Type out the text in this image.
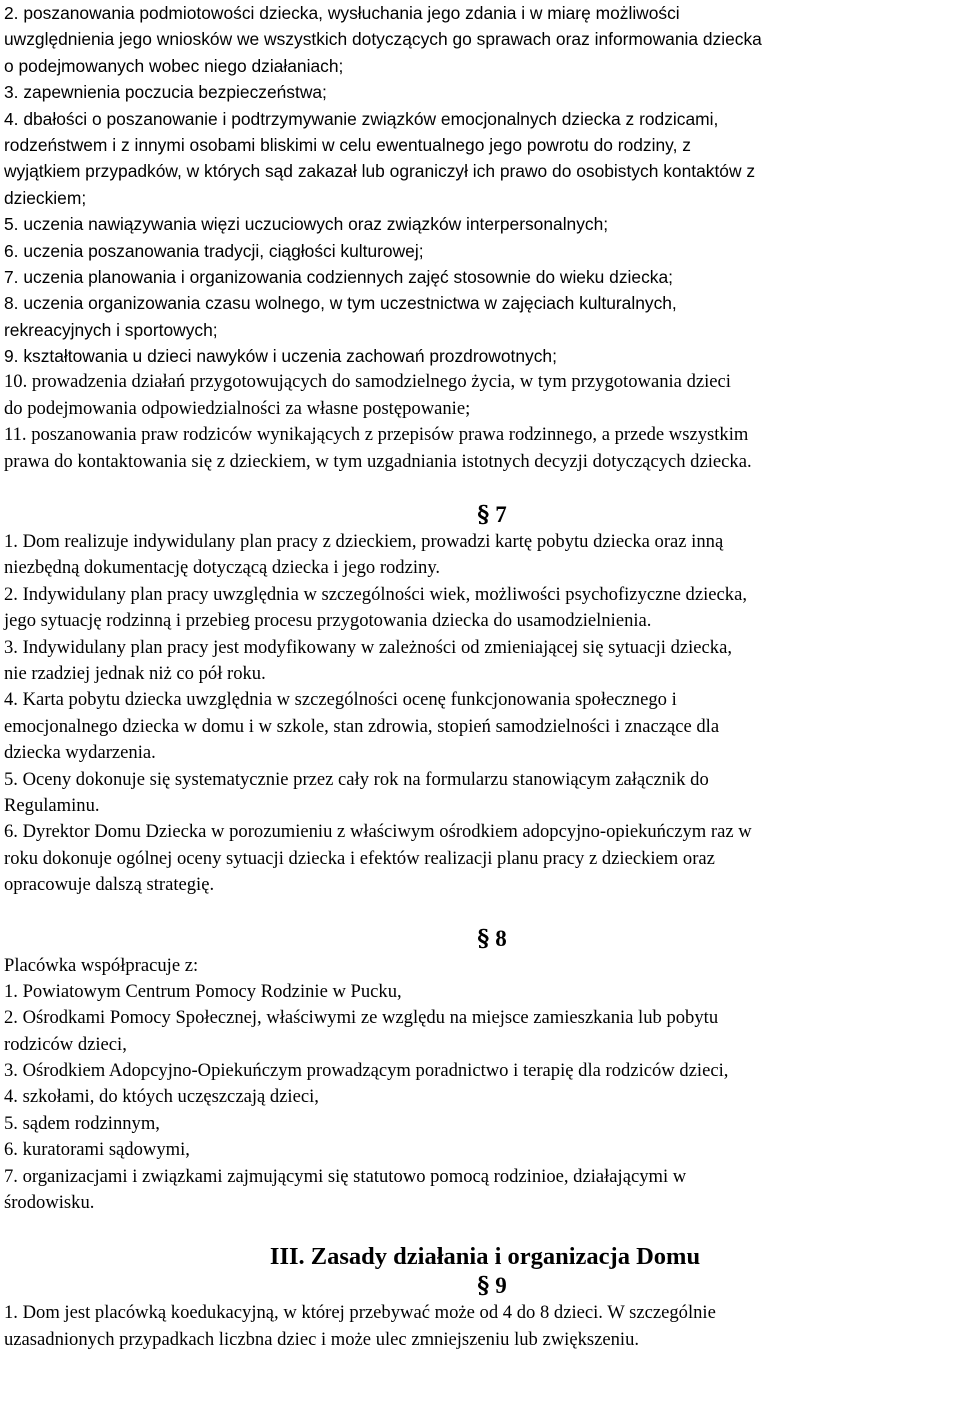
2. poszanowania podmiotowości dziecka, wysłuchania jego zdania i w miarę możliwości
uwzględnienia jego wniosków we wszystkich dotyczących go sprawach oraz informowania dziecka
o podejmowanych wobec niego działaniach;
3. zapewnienia poczucia bezpieczeństwa;
4. dbałości o poszanowanie i podtrzymywanie związków emocjonalnych dziecka z rodzicami,
rodzeństwem i z innymi osobami bliskimi w celu ewentualnego jego powrotu do rodziny, z
wyjątkiem przypadków, w których sąd zakazał lub ograniczył ich prawo do osobistych kontaktów z
dzieckiem;
5. uczenia nawiązywania więzi uczuciowych oraz związków interpersonalnych;
6. uczenia poszanowania tradycji, ciągłości kulturowej;
7. uczenia planowania i organizowania codziennych zajęć stosownie do wieku dziecka;
8. uczenia organizowania czasu wolnego, w tym uczestnictwa w zajęciach kulturalnych,
rekreacyjnych i sportowych;
9. kształtowania u dzieci nawyków i uczenia zachowań prozdrowotnych;
10. prowadzenia działań przygotowujących do samodzielnego życia, w tym przygotowania dzieci
do podejmowania odpowiedzialności za własne postępowanie;
11. poszanowania praw rodziców wynikających z przepisów prawa rodzinnego, a przede wszystkim
prawa do kontaktowania się z dzieckiem, w tym uzgadniania istotnych decyzji dotyczących dziecka.
§ 7
1. Dom realizuje indywidulany plan pracy z dzieckiem, prowadzi kartę pobytu dziecka oraz inną
niezbędną dokumentację dotyczącą dziecka i jego rodziny.
2. Indywidulany plan pracy uwzględnia w szczególności wiek, możliwości psychofizyczne dziecka,
jego sytuację rodzinną i przebieg procesu przygotowania dziecka do usamodzielnienia.
3. Indywidulany plan pracy jest modyfikowany w zależności od zmieniającej się sytuacji dziecka,
nie rzadziej jednak niż co pół roku.
4. Karta pobytu dziecka uwzględnia w szczególności ocenę funkcjonowania społecznego i
emocjonalnego dziecka w domu i w szkole, stan zdrowia, stopień samodzielności i znaczące dla
dziecka wydarzenia.
5. Oceny dokonuje się systematycznie przez cały rok na formularzu stanowiącym załącznik do
Regulaminu.
6. Dyrektor Domu Dziecka w porozumieniu z właściwym ośrodkiem adopcyjno-opiekuńczym raz w
roku dokonuje ogólnej oceny sytuacji dziecka i efektów realizacji planu pracy z dzieckiem oraz
opracowuje dalszą strategię.
§ 8
Placówka współpracuje z:
1. Powiatowym Centrum Pomocy Rodzinie w Pucku,
2. Ośrodkami Pomocy Społecznej, właściwymi ze względu na miejsce zamieszkania lub pobytu
rodziców dzieci,
3. Ośrodkiem Adopcyjno-Opiekuńczym prowadzącym poradnictwo i terapię dla rodziców dzieci,
4. szkołami, do któych uczęszczają dzieci,
5. sądem rodzinnym,
6. kuratorami sądowymi,
7. organizacjami i związkami zajmującymi się statutowo pomocą rodzinioe, działającymi w
środowisku.
III. Zasady działania i organizacja Domu
§ 9
1. Dom jest placówką koedukacyjną, w której przebywać może od 4 do 8 dzieci. W szczególnie
uzasadnionych przypadkach liczbna dziec i może ulec zmniejszeniu lub zwiększeniu.
